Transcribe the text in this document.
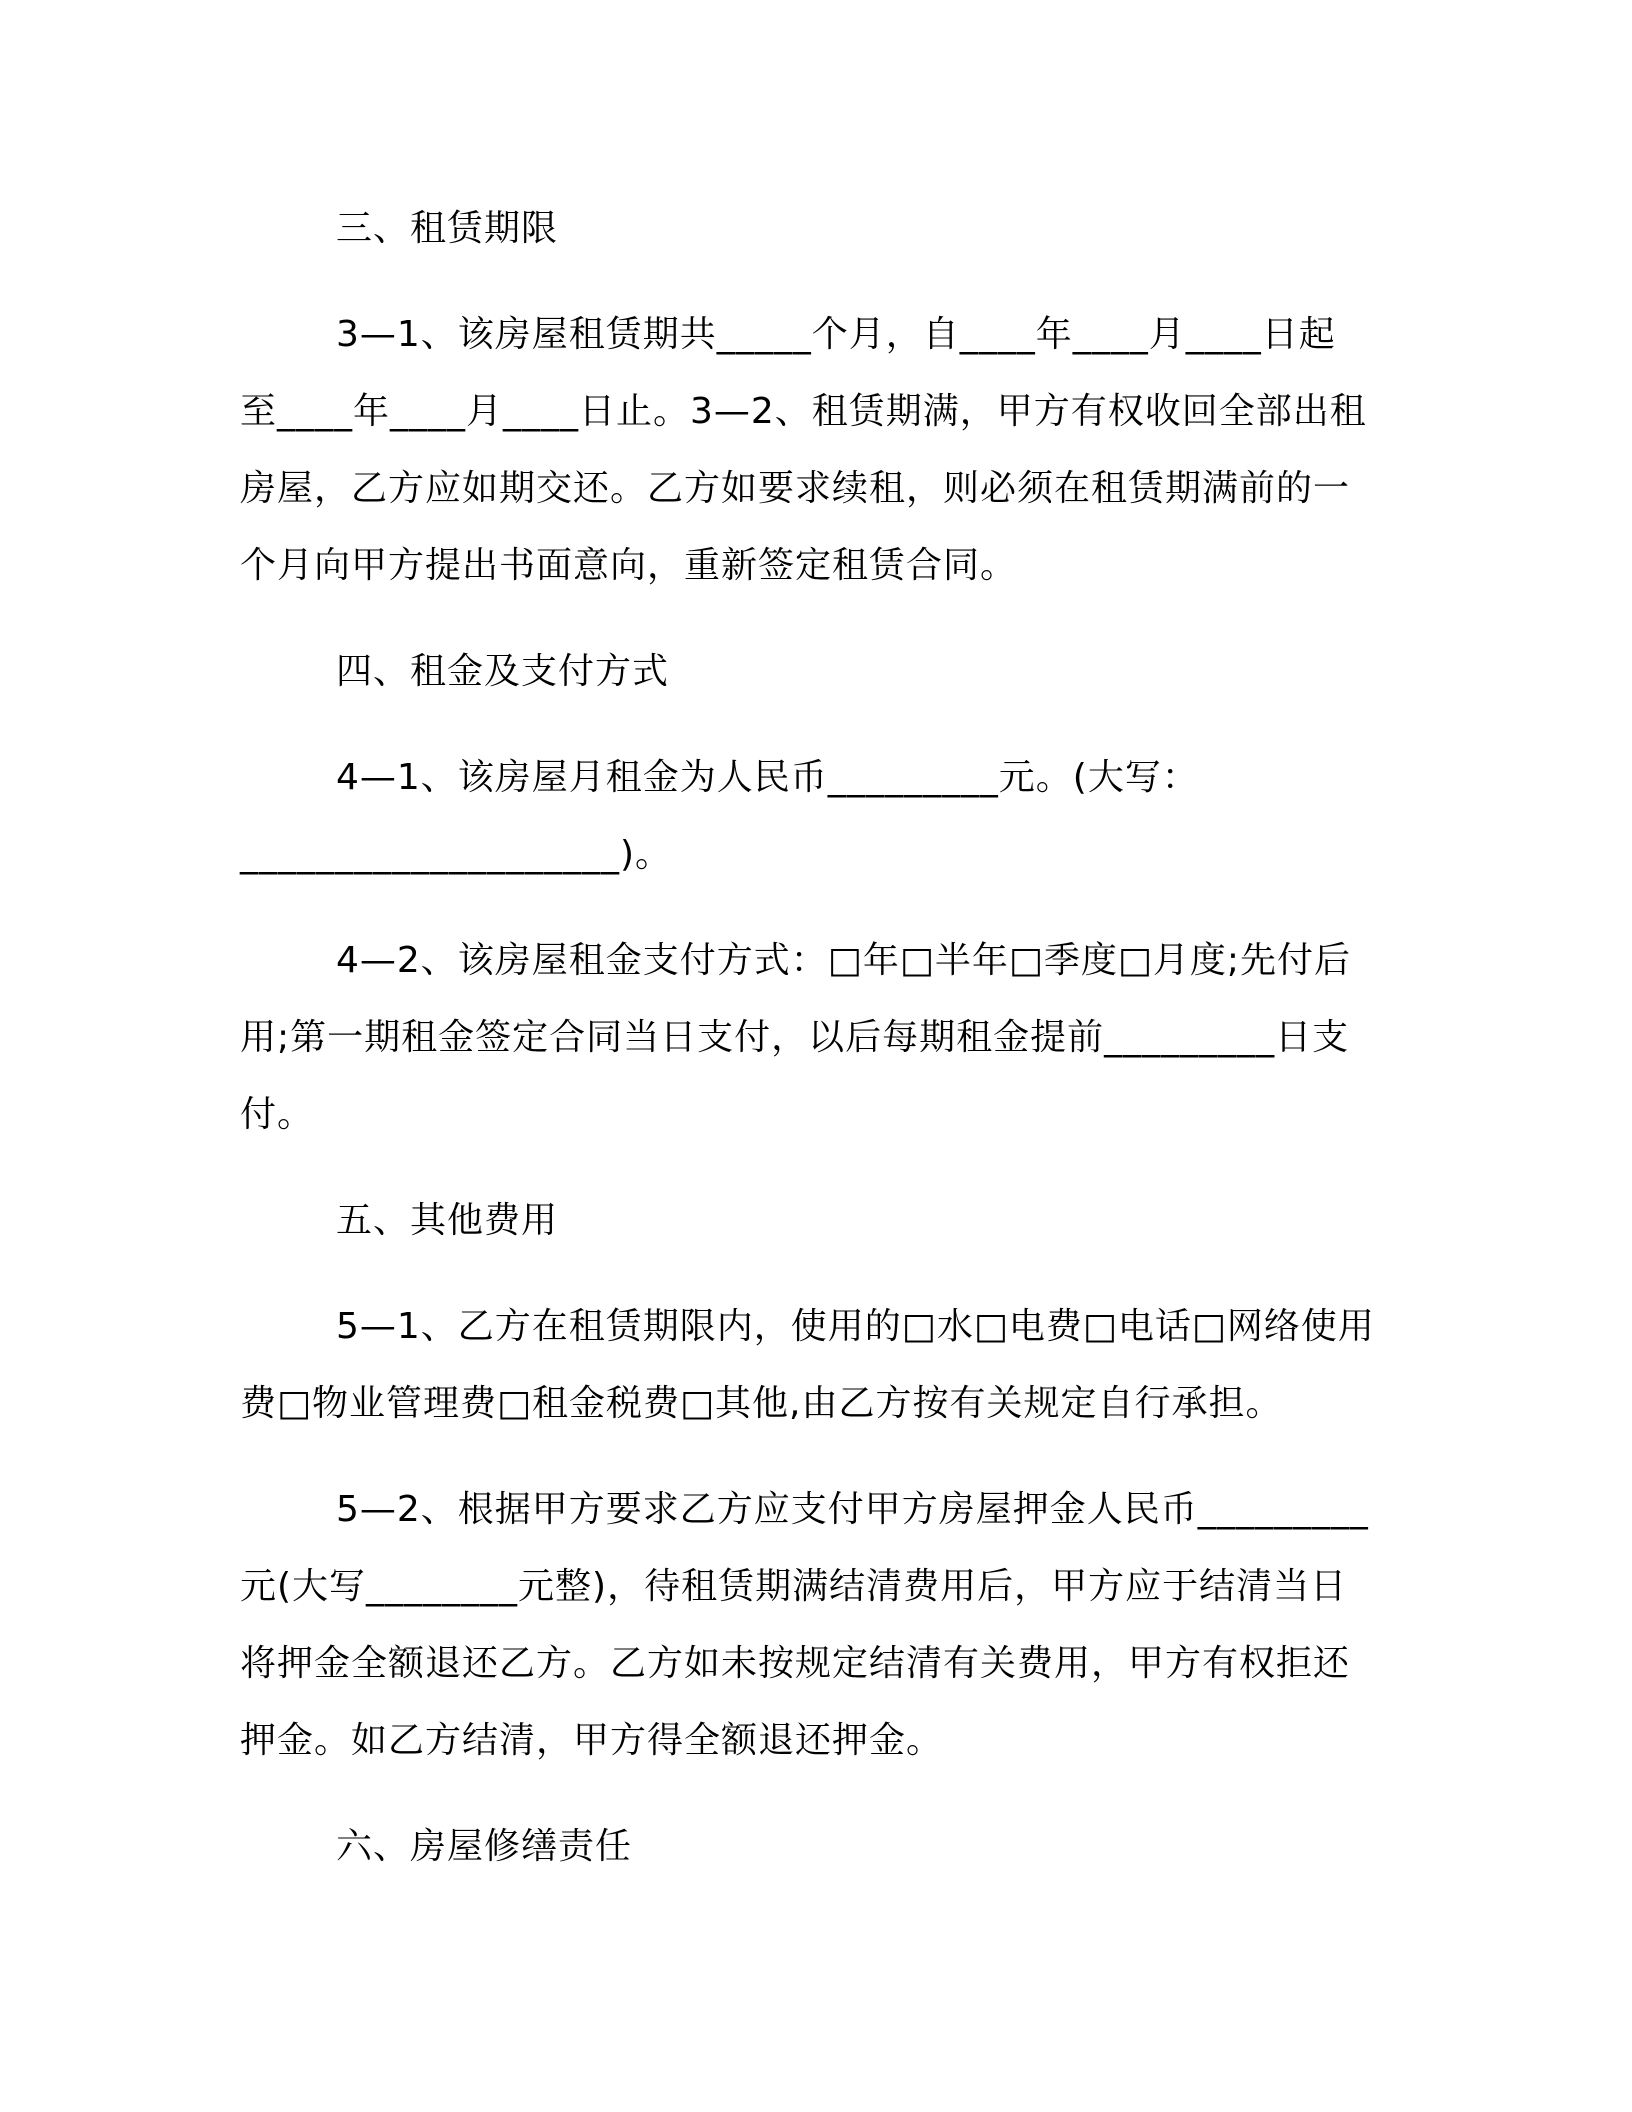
三、租赁期限
3—1、该房屋租赁期共_____个月，自____年____月____日起
至____年____月____日止。3—2、租赁期满，甲方有权收回全部出租
房屋，乙方应如期交还。乙方如要求续租，则必须在租赁期满前的一
个月向甲方提出书面意向，重新签定租赁合同。
四、租金及支付方式
4—1、该房屋月租金为人民币_________元。(大写：
____________________)。
4—2、该房屋租金支付方式：□年□半年□季度□月度;先付后
用;第一期租金签定合同当日支付，以后每期租金提前_________日支
付。
五、其他费用
5—1、乙方在租赁期限内，使用的□水□电费□电话□网络使用
费□物业管理费□租金税费□其他,由乙方按有关规定自行承担。
5—2、根据甲方要求乙方应支付甲方房屋押金人民币_________
元(大写________元整)，待租赁期满结清费用后，甲方应于结清当日
将押金全额退还乙方。乙方如未按规定结清有关费用，甲方有权拒还
押金。如乙方结清，甲方得全额退还押金。
六、房屋修缮责任
